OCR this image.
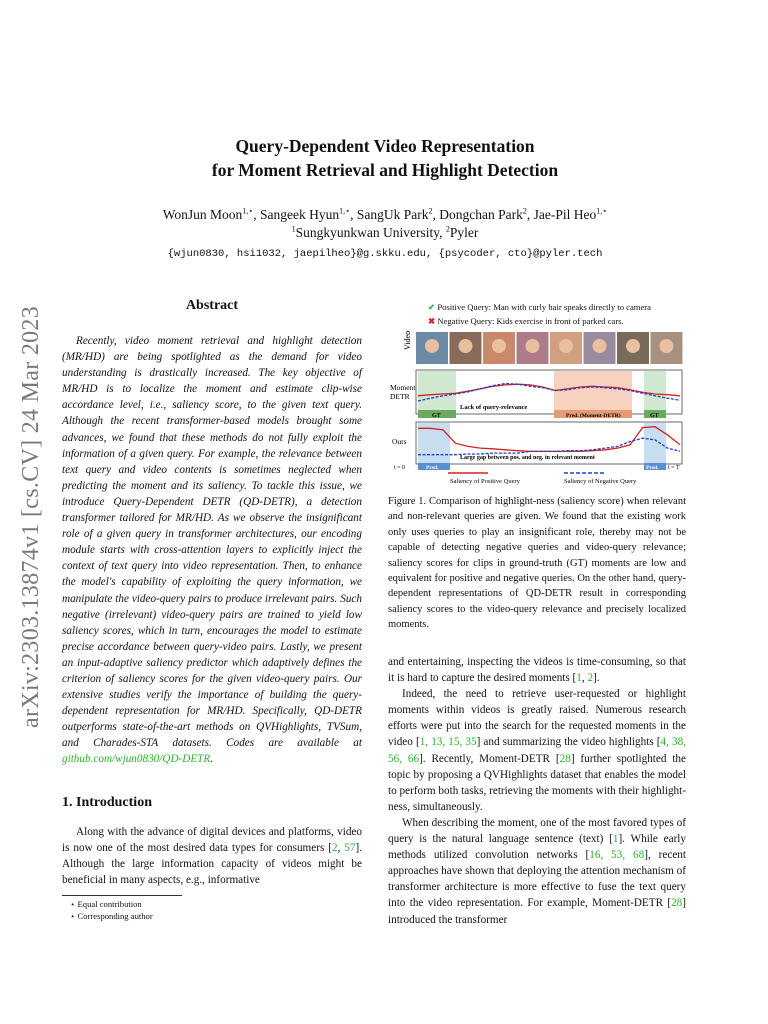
arXiv:2303.13874v1 [cs.CV] 24 Mar 2023
Query-Dependent Video Representation
for Moment Retrieval and Highlight Detection
WonJun Moon$^{1,⋆}$, Sangeek Hyun$^{1,⋆}$, SangUk Park$^2$, Dongchan Park$^2$, Jae-Pil Heo$^{1,⋆}$
$^1$Sungkyunkwan University, $^2$Pyler
{wjun0830, hsi1032, jaepilheo}@g.skku.edu, {psycoder, cto}@pyler.tech
Abstract
Recently, video moment retrieval and highlight detection (MR/HD) are being spotlighted as the demand for video understanding is drastically increased. The key objective of MR/HD is to localize the moment and estimate clip-wise accordance level, i.e., saliency score, to the given text query. Although the recent transformer-based models brought some advances, we found that these methods do not fully exploit the information of a given query. For example, the relevance between text query and video contents is sometimes neglected when predicting the moment and its saliency. To tackle this issue, we introduce Query-Dependent DETR (QD-DETR), a detection transformer tailored for MR/HD. As we observe the insignificant role of a given query in transformer architectures, our encoding module starts with cross-attention layers to explicitly inject the context of text query into video representation. Then, to enhance the model's capability of exploiting the query information, we manipulate the video-query pairs to produce irrelevant pairs. Such negative (irrelevant) video-query pairs are trained to yield low saliency scores, which in turn, encourages the model to estimate precise accordance between query-video pairs. Lastly, we present an input-adaptive saliency predictor which adaptively defines the criterion of saliency scores for the given video-query pairs. Our extensive studies verify the importance of building the query-dependent representation for MR/HD. Specifically, QD-DETR outperforms state-of-the-art methods on QVHighlights, TVSum, and Charades-STA datasets. Codes are available at github.com/wjun0830/QD-DETR.
1. Introduction
Along with the advance of digital devices and platforms, video is now one of the most desired data types for consumers [2, 57]. Although the large information capacity of videos might be beneficial in many aspects, e.g., informative
⋆ Equal contribution
⋆ Corresponding author
✔ Positive Query: Man with curly hair speaks directly to camera
✖ Negative Query: Kids exercise in front of parked cars.
Video
Moment DETR
GT	GT
Pred. (Moment-DETR)
Lack of query-relevance
Ours
Pred.	Pred.
Large gap between pos. and neg. in relevant moment
t = 0	t = T
Saliency of Positive Query	Saliency of Negative Query
Figure 1. Comparison of highlight-ness (saliency score) when relevant and non-relevant queries are given. We found that the existing work only uses queries to play an insignificant role, thereby may not be capable of detecting negative queries and video-query relevance; saliency scores for clips in ground-truth (GT) moments are low and equivalent for positive and negative queries. On the other hand, query-dependent representations of QD-DETR result in corresponding saliency scores to the video-query relevance and precisely localized moments.

and entertaining, inspecting the videos is time-consuming, so that it is hard to capture the desired moments [1, 2].

Indeed, the need to retrieve user-requested or highlight moments within videos is greatly raised. Numerous research efforts were put into the search for the requested moments in the video [1, 13, 15, 35] and summarizing the video highlights [4, 38, 56, 66]. Recently, Moment-DETR [28] further spotlighted the topic by proposing a QVHighlights dataset that enables the model to perform both tasks, retrieving the moments with their highlight-ness, simultaneously.

When describing the moment, one of the most favored types of query is the natural language sentence (text) [1]. While early methods utilized convolution networks [16, 53, 68], recent approaches have shown that deploying the attention mechanism of transformer architecture is more effective to fuse the text query into the video representation. For example, Moment-DETR [28] introduced the transformer
